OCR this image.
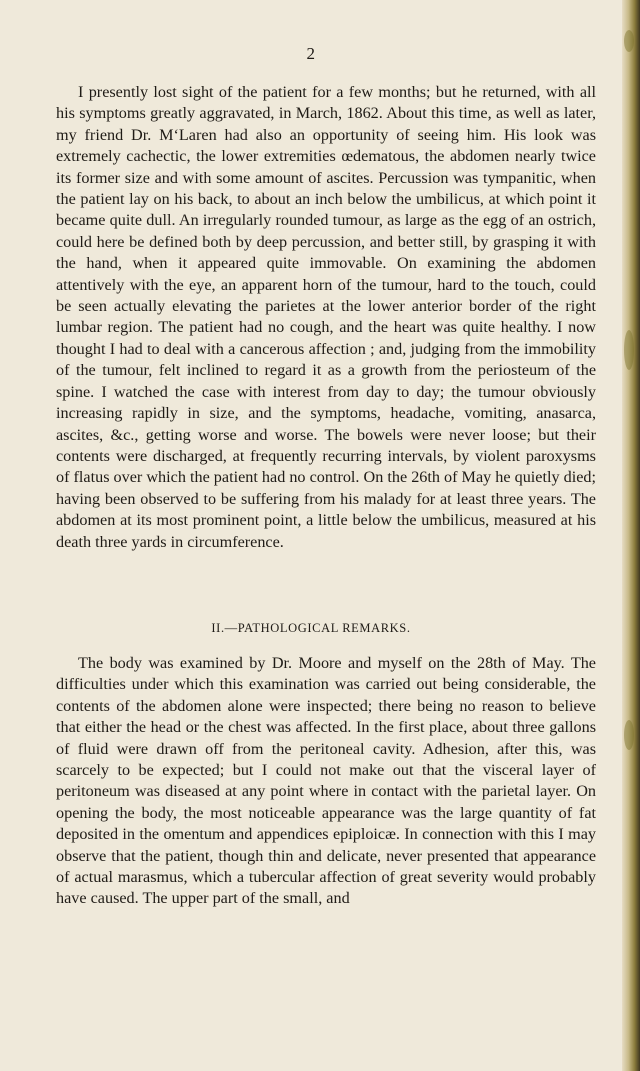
2

I presently lost sight of the patient for a few months; but he returned, with all his symptoms greatly aggravated, in March, 1862. About this time, as well as later, my friend Dr. M‘Laren had also an opportunity of seeing him. His look was extremely cachectic, the lower extremities œdematous, the abdomen nearly twice its former size and with some amount of ascites. Percussion was tympanitic, when the patient lay on his back, to about an inch below the umbilicus, at which point it became quite dull. An irregularly rounded tumour, as large as the egg of an ostrich, could here be defined both by deep percussion, and better still, by grasping it with the hand, when it appeared quite immovable. On examining the abdomen attentively with the eye, an apparent horn of the tumour, hard to the touch, could be seen actually elevating the parietes at the lower anterior border of the right lumbar region. The patient had no cough, and the heart was quite healthy. I now thought I had to deal with a cancerous affection ; and, judging from the immobility of the tumour, felt inclined to regard it as a growth from the periosteum of the spine. I watched the case with interest from day to day; the tumour obviously increasing rapidly in size, and the symptoms, headache, vomiting, anasarca, ascites, &c., getting worse and worse. The bowels were never loose; but their contents were discharged, at frequently recurring intervals, by violent paroxysms of flatus over which the patient had no control. On the 26th of May he quietly died; having been observed to be suffering from his malady for at least three years. The abdomen at its most prominent point, a little below the umbilicus, measured at his death three yards in circumference.

II.—PATHOLOGICAL REMARKS.

The body was examined by Dr. Moore and myself on the 28th of May. The difficulties under which this examination was carried out being considerable, the contents of the abdomen alone were inspected; there being no reason to believe that either the head or the chest was affected. In the first place, about three gallons of fluid were drawn off from the peritoneal cavity. Adhesion, after this, was scarcely to be expected; but I could not make out that the visceral layer of peritoneum was diseased at any point where in contact with the parietal layer. On opening the body, the most noticeable appearance was the large quantity of fat deposited in the omentum and appendices epiploicæ. In connection with this I may observe that the patient, though thin and delicate, never presented that appearance of actual marasmus, which a tubercular affection of great severity would probably have caused. The upper part of the small, and
